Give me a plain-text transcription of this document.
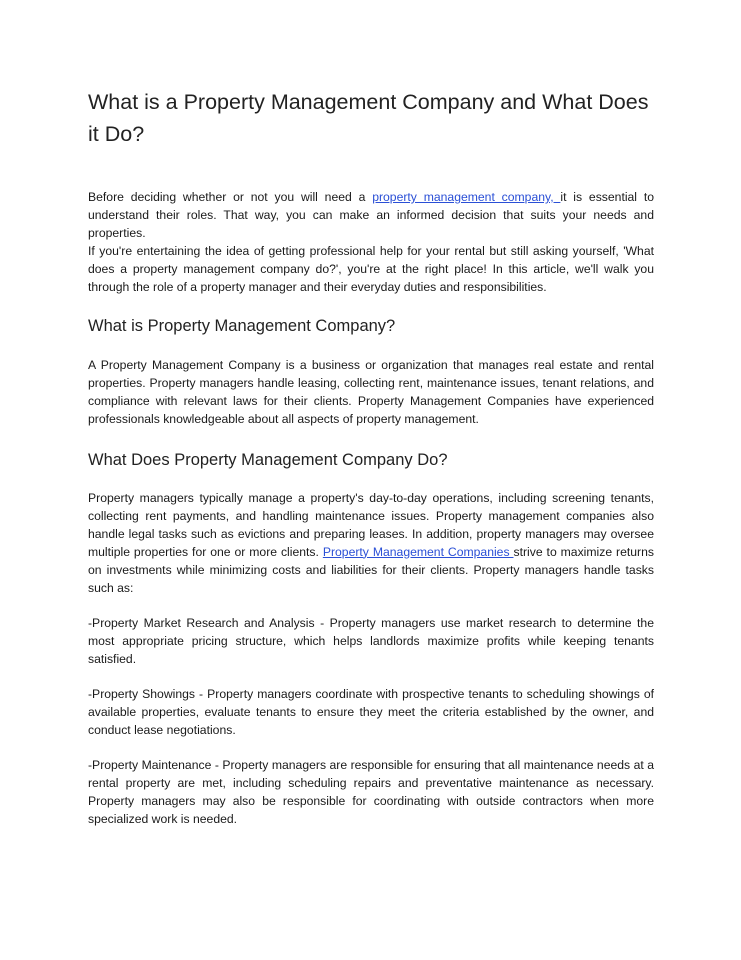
What is a Property Management Company and What Does it Do?

Before deciding whether or not you will need a property management company, it is essential to understand their roles. That way, you can make an informed decision that suits your needs and properties.

If you're entertaining the idea of getting professional help for your rental but still asking yourself, 'What does a property management company do?', you're at the right place! In this article, we'll walk you through the role of a property manager and their everyday duties and responsibilities.

What is Property Management Company?

A Property Management Company is a business or organization that manages real estate and rental properties. Property managers handle leasing, collecting rent, maintenance issues, tenant relations, and compliance with relevant laws for their clients. Property Management Companies have experienced professionals knowledgeable about all aspects of property management.

What Does Property Management Company Do?

Property managers typically manage a property's day-to-day operations, including screening tenants, collecting rent payments, and handling maintenance issues. Property management companies also handle legal tasks such as evictions and preparing leases. In addition, property managers may oversee multiple properties for one or more clients. Property Management Companies strive to maximize returns on investments while minimizing costs and liabilities for their clients. Property managers handle tasks such as:

-Property Market Research and Analysis - Property managers use market research to determine the most appropriate pricing structure, which helps landlords maximize profits while keeping tenants satisfied.

-Property Showings - Property managers coordinate with prospective tenants to scheduling showings of available properties, evaluate tenants to ensure they meet the criteria established by the owner, and conduct lease negotiations.

-Property Maintenance - Property managers are responsible for ensuring that all maintenance needs at a rental property are met, including scheduling repairs and preventative maintenance as necessary. Property managers may also be responsible for coordinating with outside contractors when more specialized work is needed.
